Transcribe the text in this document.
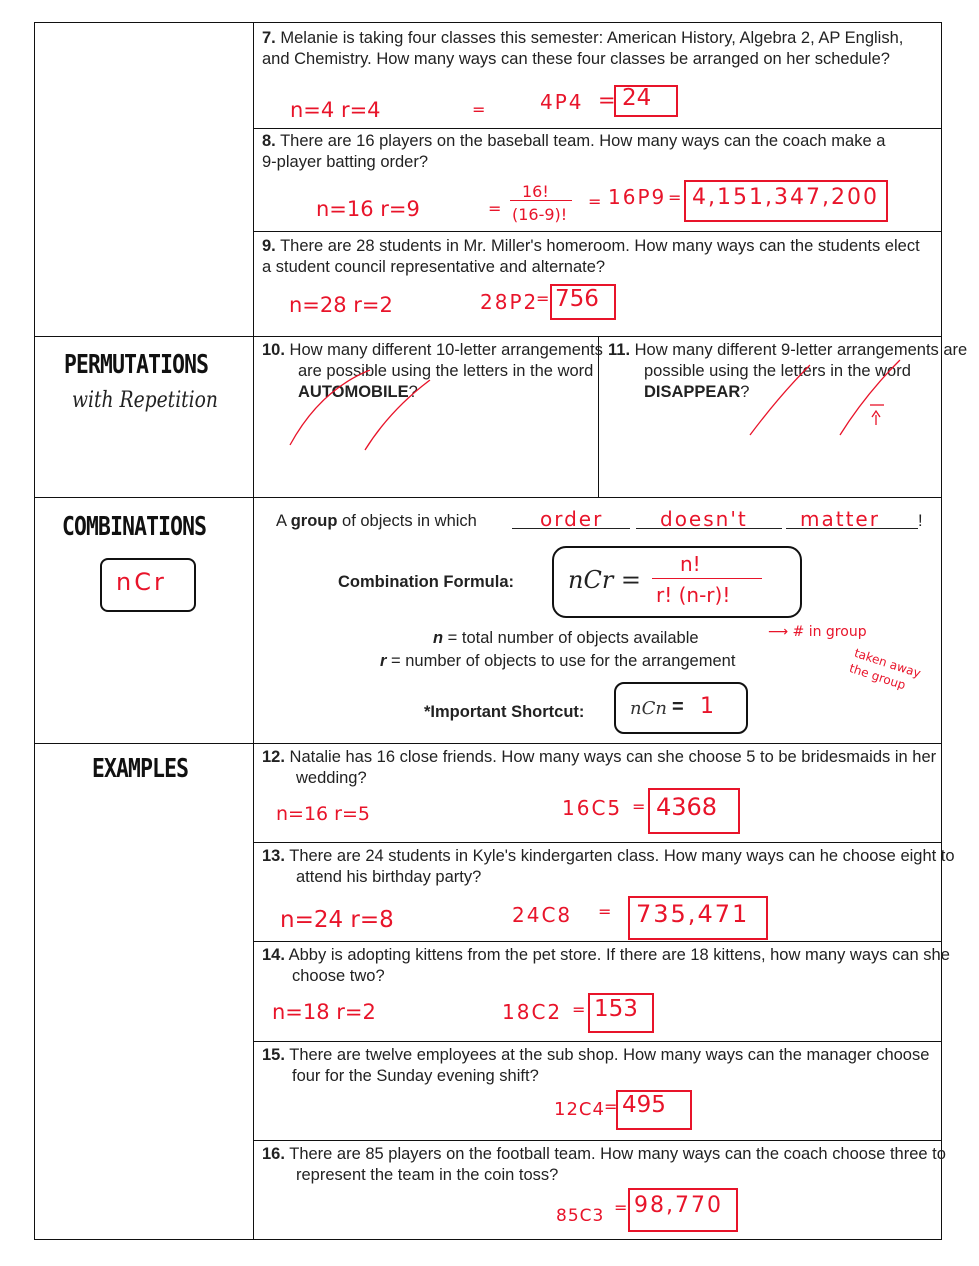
7. Melanie is taking four classes this semester: American History, Algebra 2, AP English, and Chemistry. How many ways can these four classes be arranged on her schedule?
n=4 r=4	=	4P4 = 24
8. There are 16 players on the baseball team. How many ways can the coach make a 9-player batting order?
n=16 r=9	=
16!
(16-9)!
= 16P9 = 4,151,347,200
9. There are 28 students in Mr. Miller's homeroom. How many ways can the students elect a student council representative and alternate?
n=28 r=2	28P2
= 756
PERMUTATIONS
with Repetition
10. How many different 10-letter arrangements are possible using the letters in the word AUTOMOBILE?
11. How many different 9-letter arrangements are possible using the letters in the word DISAPPEAR?
COMBINATIONS
nCr
A group of objects in which	order	doesn't	matter !
Combination Formula: nCr =
n!
r! (n-r)!
n = total number of objects available	⟶ # in group
r = number of objects to use for the arrangement	taken away the group
*Important Shortcut:	nCn = 1
EXAMPLES	12. Natalie has 16 close friends. How many ways can she choose 5 to be bridesmaids in her wedding?
n=16 r=5	16C5 = 4368
13. There are 24 students in Kyle's kindergarten class. How many ways can he choose eight to attend his birthday party?
n=24 r=8	24C8 = 735,471
14. Abby is adopting kittens from the pet store. If there are 18 kittens, how many ways can she choose two?
n=18 r=2	18C2 = 153
15. There are twelve employees at the sub shop. How many ways can the manager choose four for the Sunday evening shift?
12C4 = 495
16. There are 85 players on the football team. How many ways can the coach choose three to represent the team in the coin toss?
85C3 = 98,770
